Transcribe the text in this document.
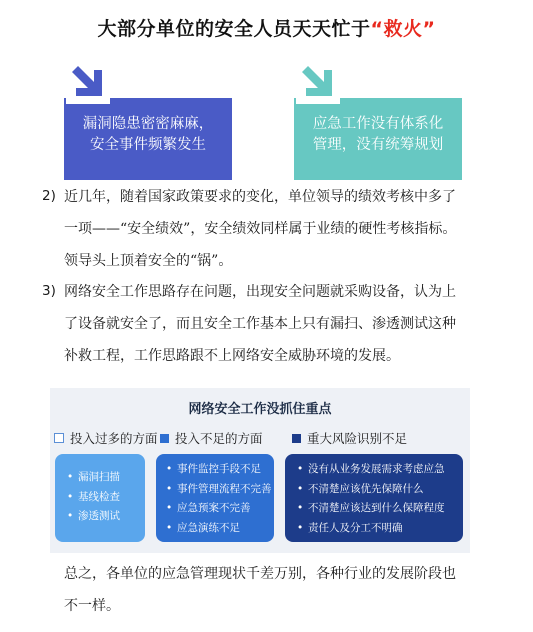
大部分单位的安全人员天天忙于“救火”
漏洞隐患密密麻麻，
安全事件频繁发生
应急工作没有体系化
管理，没有统筹规划
2) 近几年，随着国家政策要求的变化，单位领导的绩效考核中多了
一项——“安全绩效”，安全绩效同样属于业绩的硬性考核指标。
领导头上顶着安全的“锅”。
3) 网络安全工作思路存在问题，出现安全问题就采购设备，认为上
了设备就安全了，而且安全工作基本上只有漏扫、渗透测试这种
补救工程，工作思路跟不上网络安全威胁环境的发展。
网络安全工作没抓住重点
投入过多的方面 投入不足的方面	重大风险识别不足
• 漏洞扫描
• 基线检查
• 渗透测试
• 事件监控手段不足
• 事件管理流程不完善
• 应急预案不完善
• 应急演练不足
• 没有从业务发展需求考虑应急
• 不清楚应该优先保障什么
• 不清楚应该达到什么保障程度
• 责任人及分工不明确
总之，各单位的应急管理现状千差万别，各种行业的发展阶段也
不一样。
